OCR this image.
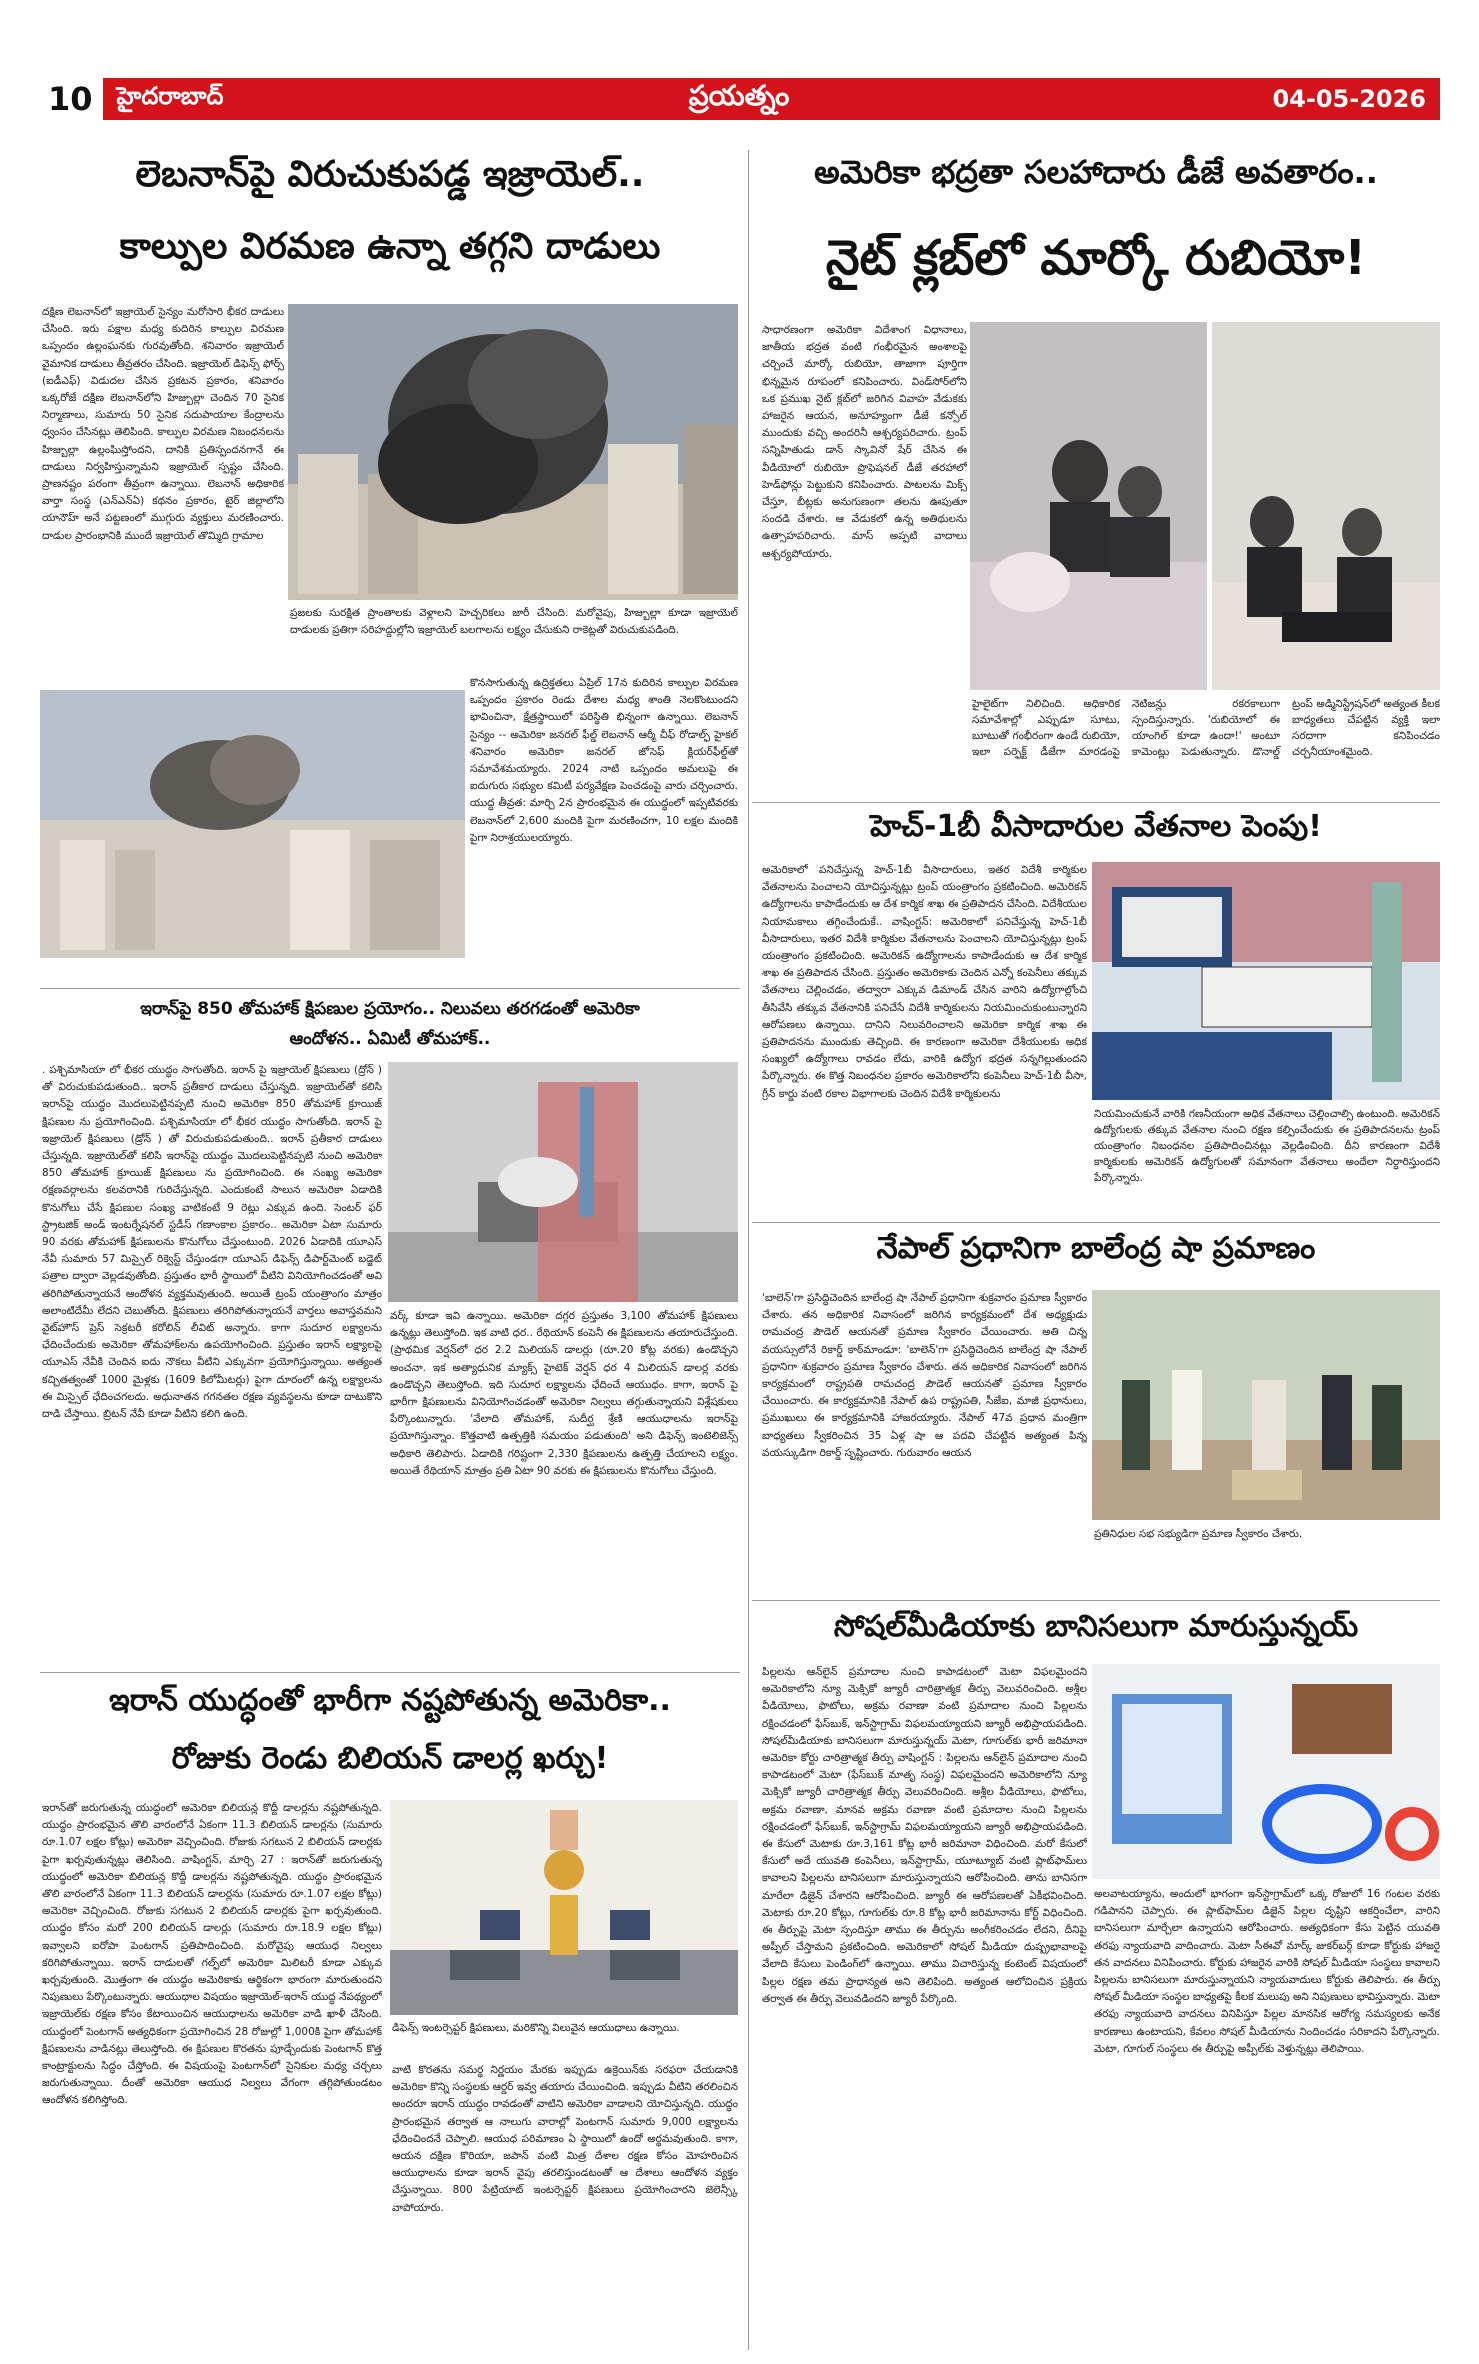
10	హైదరాబాద్	ప్రయత్నం	04-05-2026
లెబనాన్‌పై విరుచుకుపడ్డ ఇజ్రాయెల్..
కాల్పుల విరమణ ఉన్నా తగ్గని దాడులు
దక్షిణ లెబనాన్‌లో ఇజ్రాయెల్ సైన్యం మరోసారి భీకర దాడులు చేసింది. ఇరు పక్షాల మధ్య కుదిరిన కాల్పుల విరమణ ఒప్పందం ఉల్లంఘనకు గురవుతోంది. శనివారం ఇజ్రాయెల్ వైమానిక దాడులు తీవ్రతరం చేసింది. ఇజ్రాయెల్ డిఫెన్స్ ఫోర్స్ (ఐడీఎఫ్) విడుదల చేసిన ప్రకటన ప్రకారం, శనివారం ఒక్కరోజే దక్షిణ లెబనాన్‌లోని హిజ్బుల్లా చెందిన 70 సైనిక నిర్మాణాలు, సుమారు 50 సైనిక సదుపాయాల కేంద్రాలను ధ్వంసం చేసినట్లు తెలిపింది. కాల్పుల విరమణ నిబంధనలను హిజ్బుల్లా ఉల్లంఘిస్తోందని, దానికి ప్రతిస్పందనగానే ఈ దాడులు నిర్వహిస్తున్నామని ఇజ్రాయెల్ స్పష్టం చేసింది. ప్రాణనష్టం పరంగా తీవ్రంగా ఉన్నాయి. లెబనాన్ అధికారిక వార్తా సంస్థ (ఎన్‌ఎన్‌ఏ) కథనం ప్రకారం, టైర్ జిల్లాలోని యానౌహ్ అనే పట్టణంలో ముగ్గురు వ్యక్తులు మరణించారు. దాడుల ప్రారంభానికి ముందే ఇజ్రాయెల్ తొమ్మిది గ్రామాల
ప్రజలకు సురక్షిత ప్రాంతాలకు వెళ్లాలని హెచ్చరికలు జారీ చేసింది. మరోవైపు, హిజ్బుల్లా కూడా ఇజ్రాయెల్ దాడులకు ప్రతిగా సరిహద్దుల్లోని ఇజ్రాయెల్ బలగాలను లక్ష్యం చేసుకుని రాకెట్లతో విరుచుకుపడింది.
కొనసాగుతున్న ఉద్రిక్తతలు ఏప్రిల్ 17న కుదిరిన కాల్పుల విరమణ ఒప్పందం ప్రకారం రెండు దేశాల మధ్య శాంతి నెలకొంటుందని భావించినా, క్షేత్రస్థాయిలో పరిస్థితి భిన్నంగా ఉన్నాయి. లెబనాన్ సైన్యం -- అమెరికా జనరల్ ఫీల్డ్ లెబనాన్ ఆర్మీ చీఫ్ రోడాల్ఫ్ హైకల్ శనివారం అమెరికా జనరల్ జోసెఫ్ క్లియర్‌ఫీల్డ్‌తో సమావేశమయ్యారు. 2024 నాటి ఒప్పందం అమలుపై ఈ ఐదుగురు సభ్యుల కమిటీ పర్యవేక్షణ పెంచడంపై వారు చర్చించారు. యుద్ధ తీవ్రత: మార్చి 2న ప్రారంభమైన ఈ యుద్ధంలో ఇప్పటివరకు లెబనాన్‌లో 2,600 మందికి పైగా మరణించగా, 10 లక్షల మందికి పైగా నిరాశ్రయులయ్యారు.
ఇరాన్‌పై 850 తోమహాక్ క్షిపణుల ప్రయోగం.. నిలువలు తరగడంతో అమెరికా
ఆందోళన.. ఏమిటీ తోమహాక్..
. పశ్చిమాసియా లో భీకర యుద్ధం సాగుతోంది. ఇరాన్ పై ఇజ్రాయెల్ క్షిపణులు (ద్రోన్ ) తో విరుచుకుపడుతుంది.. ఇరాన్ ప్రతీకార దాడులు చేస్తున్నది. ఇజ్రాయెల్‌తో కలిసి ఇరాన్‌పై యుద్ధం మొదలుపెట్టినప్పటి నుంచి అమెరికా 850 తోమహాక్ క్రూయిజ్ క్షిపణుల ను ప్రయోగించింది. పశ్చిమాసియా లో భీకర యుద్ధం సాగుతోంది. ఇరాన్ పై ఇజ్రాయెల్ క్షిపణులు (డ్రోన్ ) తో విరుచుకుపడుతుంది.. ఇరాన్ ప్రతీకార దాడులు చేస్తున్నది. ఇజ్రాయెల్‌తో కలిసి ఇరాన్‌పై యుద్ధం మొదలుపెట్టినప్పటి నుంచి అమెరికా 850 తోమహాక్ క్రూయిజ్ క్షిపణులు ను ప్రయోగించింది. ఈ సంఖ్య అమెరికా రక్షణవర్గాలను కలవరానికి గురిచేస్తున్నది. ఎందుకంటే సాలున అమెరికా ఏడాదికి కొనుగోలు చేసే క్షిపణుల సంఖ్య వాటికంటే 9 రెట్లు ఎక్కువ ఉంది. సెంటర్ ఫర్ స్ట్రాటజిక్ అండ్ ఇంటర్నేషనల్ స్టడీస్ గణాంకాల ప్రకారం.. అమెరికా ఏటా సుమారు 90 వరకు తోమహాక్ క్షిపణులను కొనుగోలు చేస్తుంటుంది. 2026 ఏడాదికి యూఎస్ నేవీ సుమారు 57 మిస్సైల్ రిక్వెస్ట్ చేస్తుండగా యూఎస్ డిఫెన్స్ డిపార్ట్‌మెంట్ బడ్జెట్ పత్రాల ద్వారా వెల్లడవుతోంది. ప్రస్తుతం భారీ స్థాయిలో వీటిని వినియోగించడంతో అవి తరిగిపోతున్నాయనే ఆందోళన వ్యక్తమవుతుంది. అయితే ట్రంప్ యంత్రాంగం మాత్రం అలాంటిదేమీ లేదని చెబుతోంది. క్షిపణులు తరిగిపోతున్నాయనే వార్తలు అవాస్తవమని వైట్‌హౌస్ ప్రెస్ సెక్రటరీ కరోలిన్ లీవిట్ అన్నారు. కాగా సుదూర లక్ష్యాలను ఛేదించేందుకు అమెరికా తోమహాక్‌లను ఉపయోగించింది. ప్రస్తుతం ఇరాన్ లక్ష్యాలపై యూఎస్ నేవీకి చెందిన ఐదు నౌకలు వీటిని ఎక్కువగా ప్రయోగిస్తున్నాయి. అత్యంత కచ్చితత్వంతో 1000 మైళ్లకు (1609 కిలోమీటర్లు) పైగా దూరంలో ఉన్న లక్ష్యాలను ఈ మిస్సైల్ ఛేదించగలదు. అధునాతన గగనతల రక్షణ వ్యవస్థలను కూడా దాటుకొని దాడి చేస్తాయి. బ్రిటన్ నేవీ కూడా వీటిని కలిగి ఉంది.
వర్క్ కూడా ఇవి ఉన్నాయి. అమెరికా దగ్గర ప్రస్తుతం 3,100 తోమహాక్ క్షిపణులు ఉన్నట్లు తెలుస్తోంది. ఇక వాటి ధర.. రేథియాన్ కంపెనీ ఈ క్షిపణులను తయారుచేస్తుంది. (ప్రాథమిక వెర్షన్‌లో ధర 2.2 మిలియన్ డాలర్లు (రూ.20 కోట్ల వరకు) ఉండొచ్చని అంచనా. ఇక అత్యాధునిక మ్యాక్స్ హైటెక్ వెర్షన్ ధర 4 మిలియన్ డాలర్ల వరకు ఉండొచ్చని తెలుస్తోంది. ఇది సుదూర లక్ష్యాలను ఛేదించే ఆయుధం. కాగా, ఇరాన్ పై భారీగా క్షిపణులను వినియోగించడంతో అమెరికా నిల్వలు తగ్గుతున్నాయని విశ్లేషకులు పేర్కొంటున్నారు. 'వేలాది తోమహాక్, సుదీర్ఘ శ్రేణి ఆయుధాలను ఇరాన్‌పై ప్రయోగిస్తున్నాం. కొత్తవాటి ఉత్పత్తికి సమయం పడుతుంది' అని డిఫెన్స్ ఇంటెలిజెన్స్ అధికారి తెలిపారు. ఏడాదికి గరిష్టంగా 2,330 క్షిపణులను ఉత్పత్తి చేయాలని లక్ష్యం. అయితే రేథియాన్ మాత్రం ప్రతి ఏటా 90 వరకు ఈ క్షిపణులను కొనుగోలు చేస్తుంది.
ఇరాన్ యుద్ధంతో భారీగా నష్టపోతున్న అమెరికా..
రోజుకు రెండు బిలియన్ డాలర్ల ఖర్చు!
ఇరాన్‌తో జరుగుతున్న యుద్ధంలో అమెరికా బిలియన్ల కొద్దీ డాలర్లను నష్టపోతున్నది. యుద్ధం ప్రారంభమైన తొలి వారంలోనే ఏకంగా 11.3 బిలియన్ డాలర్లను (సుమారు రూ.1.07 లక్షల కోట్లు) అమెరికా వెచ్చించింది. రోజుకు సగటున 2 బిలియన్ డాలర్లకు పైగా ఖర్చవుతున్నట్లు తెలిసింది. వాషింగ్టన్, మార్చి 27 : ఇరాన్‌తో జరుగుతున్న యుద్ధంలో అమెరికా బిలియన్ల కొద్దీ డాలర్లను నష్టపోతున్నది. యుద్ధం ప్రారంభమైన తొలి వారంలోనే ఏకంగా 11.3 బిలియన్ డాలర్లను (సుమారు రూ.1.07 లక్షల కోట్లు) అమెరికా వెచ్చించింది. రోజుకు సగటున 2 బిలియన్ డాలర్లకు పైగా ఖర్చవుతుంది. యుద్ధం కోసం మరో 200 బిలియన్ డాలర్లు (సుమారు రూ.18.9 లక్షల కోట్లు) ఇవ్వాలని ఐరోపా పెంటగాన్ ప్రతిపాదించింది. మరోవైపు ఆయుధ నిల్వలు కరిగిపోతున్నాయి. ఇరాన్ దాడులతో గల్ఫ్‌లో అమెరికా మిలిటరీ కూడా ఎక్కువ ఖర్చవుతుంది. మొత్తంగా ఈ యుద్ధం అమెరికాకు ఆర్థికంగా భారంగా మారుతుందని నిపుణులు పేర్కొంటున్నారు. ఆయుధాల విషయం ఇజ్రాయెల్-ఇరాన్ యుద్ధ నేపథ్యంలో ఇజ్రాయెల్‌కు రక్షణ కోసం కేటాయించిన ఆయుధాలను అమెరికా వాడి ఖాళీ చేసింది. యుద్ధంలో పెంటగాన్ అత్యధికంగా ప్రయోగించిన 28 రోజుల్లో 1,000కి పైగా తోమహాక్ క్షిపణులను వాడినట్లు తెలుస్తోంది. ఈ క్షిపణుల కొరతను పూడ్చేందుకు పెంటగాన్ కొత్త కాంట్రాక్టులను సిద్ధం చేస్తోంది. ఈ విషయంపై పెంటగాన్‌లో సైనికుల మధ్య చర్చలు జరుగుతున్నాయి. దీంతో అమెరికా ఆయుధ నిల్వలు వేగంగా తగ్గిపోతుండటం ఆందోళన కలిగిస్తోంది.
డిఫెన్స్ ఇంటర్సెప్టర్ క్షిపణులు, మరికొన్ని విలువైన ఆయుధాలు ఉన్నాయి.
వాటి కొరతను సమర్థ నిర్ణయం మేరకు ఇప్పుడు ఉక్రెయిన్‌కు సరఫరా చేయడానికి అమెరికా కొన్ని సంస్థలకు ఆర్డర్ ఇవ్వ తయారు చేయించింది. ఇప్పుడు వీటిని తరలించిన అందరూ ఇరాన్ యుద్ధం రావడంతో వాటిని అమెరికా వాడాలని యోచిస్తున్నది. యుద్ధం ప్రారంభమైన తర్వాత ఆ నాలుగు వారాల్లో పెంటగాన్ సుమారు 9,000 లక్ష్యాలను ఛేదించిందనే చెప్పాలి. ఆయుధ పరిమాణం ఏ స్థాయిలో ఉందో అర్థమవుతుంది. కాగా, ఆయన దక్షిణ కొరియా, జపాన్ వంటి మిత్ర దేశాల రక్షణ కోసం మోహరించిన ఆయుధాలను కూడా ఇరాన్ వైపు తరలిస్తుండటంతో ఆ దేశాలు ఆందోళన వ్యక్తం చేస్తున్నాయి. 800 పేట్రియాట్ ఇంటర్సెప్టర్ క్షిపణులు ప్రయోగించారని జెలెన్స్కీ వాపోయారు.
అమెరికా భద్రతా సలహాదారు డీజే అవతారం..
నైట్ క్లబ్‌లో మార్కో రుబియో!
సాధారణంగా అమెరికా విదేశాంగ విధానాలు, జాతీయ భద్రత వంటి గంభీరమైన అంశాలపై చర్చించే మార్కో రుబియో, తాజాగా పూర్తిగా భిన్నమైన రూపంలో కనిపించారు. విండ్‌సోర్‌లోని ఒక ప్రముఖ నైట్ క్లబ్‌లో జరిగిన వివాహ వేడుకకు హాజరైన ఆయన, అనూహ్యంగా డీజే కన్సోల్ ముందుకు వచ్చి అందరినీ ఆశ్చర్యపరిచారు. ట్రంప్ సన్నిహితుడు డాన్ స్కావినో షేర్ చేసిన ఈ వీడియోలో రుబియో ప్రొఫెషనల్ డీజే తరహాలో హెడ్‌ఫోన్లు పెట్టుకుని కనిపించారు. పాటలను మిక్స్ చేస్తూ, బీట్లకు అనుగుణంగా తలను ఊపుతూ సందడి చేశారు. ఆ వేడుకలో ఉన్న అతిథులను ఉత్సాహపరిచారు. మాస్ అప్పటి వాదాలు ఆశ్చర్యపోయారు.
హైలైట్‌గా నిలిచింది. అధికారిక సమావేశాల్లో ఎప్పుడూ సూటు, బూటుతో గంభీరంగా ఉండే రుబియో, ఇలా పర్ఫెక్ట్ డీజేగా మారడంపై నెటిజన్లు రకరకాలుగా స్పందిస్తున్నారు. 'రుబియోలో ఈ యాంగిల్ కూడా ఉందా!' అంటూ కామెంట్లు పెడుతున్నారు. డొనాల్డ్ ట్రంప్ అడ్మినిస్ట్రేషన్‌లో అత్యంత కీలక బాధ్యతలు చేపట్టిన వ్యక్తి ఇలా సరదాగా కనిపించడం చర్చనీయాంశమైంది.
హెచ్-1బీ వీసాదారుల వేతనాల పెంపు!
అమెరికాలో పనిచేస్తున్న హెచ్-1బీ వీసాదారులు, ఇతర విదేశీ కార్మికుల వేతనాలను పెంచాలని యోచిస్తున్నట్లు ట్రంప్ యంత్రాంగం ప్రకటించింది. అమెరికన్ ఉద్యోగాలను కాపాడేందుకు ఆ దేశ కార్మిక శాఖ ఈ ప్రతిపాదన చేసింది. విదేశీయుల నియామకాలు తగ్గించేందుకే.. వాషింగ్టన్: అమెరికాలో పనిచేస్తున్న హెచ్-1బీ వీసాదారులు, ఇతర విదేశీ కార్మికుల వేతనాలను పెంచాలని యోచిస్తున్నట్లు ట్రంప్ యంత్రాంగం ప్రకటించింది. అమెరికన్ ఉద్యోగాలను కాపాడేందుకు ఆ దేశ కార్మిక శాఖ ఈ ప్రతిపాదన చేసింది. ప్రస్తుతం అమెరికాకు చెందిన ఎన్నో కంపెనీలు తక్కువ వేతనాలు చెల్లించడం, తద్వారా ఎక్కువ డిమాండ్ చేసిన వారిని ఉద్యోగాల్లోంచి తీసివేసి తక్కువ వేతనానికి పనిచేసే విదేశీ కార్మికులను నియమించుకుంటున్నారని ఆరోపణలు ఉన్నాయి. దానిని నిలువరించాలని అమెరికా కార్మిక శాఖ ఈ ప్రతిపాదనను ముందుకు తెచ్చింది. ఈ కారణంగా అమెరికా దేశీయులకు అధిక సంఖ్యలో ఉద్యోగాలు రావడం లేదు, వారికి ఉద్యోగ భద్రత సన్నగిల్లుతుందని పేర్కొన్నారు. ఈ కొత్త నిబంధనల ప్రకారం అమెరికాలోని కంపెనీలు హెచ్-1బీ వీసా, గ్రీన్ కార్డు వంటి రకాల విభాగాలకు చెందిన విదేశీ కార్మికులను
నియమించుకునే వారికి గణనీయంగా అధిక వేతనాలు చెల్లించాల్సి ఉంటుంది. అమెరికన్ ఉద్యోగులకు తక్కువ వేతనాల నుంచి రక్షణ కల్పించేందుకు ఈ ప్రతిపాదనలను ట్రంప్ యంత్రాంగం నిబంధనల ప్రతిపాదించినట్లు వెల్లడించింది. దీని కారణంగా విదేశీ కార్మికులకు అమెరికన్ ఉద్యోగులతో సమానంగా వేతనాలు అందేలా నిర్ధారిస్తుందని పేర్కొన్నారు.
నేపాల్ ప్రధానిగా బాలేంద్ర షా ప్రమాణం
'బాలెన్‌'గా ప్రసిద్ధిచెందిన బాలేంద్ర షా నేపాల్ ప్రధానిగా శుక్రవారం ప్రమాణ స్వీకారం చేశారు. తన అధికారిక నివాసంలో జరిగిన కార్యక్రమంలో దేశ అధ్యక్షుడు రామచంద్ర పౌడెల్ ఆయనతో ప్రమాణ స్వీకారం చేయించారు. అతి చిన్న వయస్సులోనే రికార్డ్ కాఠ్‌మాండూ: 'బాలెన్‌'గా ప్రసిద్ధిచెందిన బాలేంద్ర షా నేపాల్ ప్రధానిగా శుక్రవారం ప్రమాణ స్వీకారం చేశారు. తన అధికారిక నివాసంలో జరిగిన కార్యక్రమంలో రాష్ట్రపతి రామచంద్ర పౌడెల్ ఆయనతో ప్రమాణ స్వీకారం చేయించారు. ఈ కార్యక్రమానికి నేపాల్ ఉప రాష్ట్రపతి, సీజేఐ, మాజీ ప్రధానులు, ప్రముఖులు ఈ కార్యక్రమానికి హాజరయ్యారు. నేపాల్ 47వ ప్రధాన మంత్రిగా బాధ్యతలు స్వీకరించిన 35 ఏళ్ల షా ఆ పదవి చేపట్టిన అత్యంత పిన్న వయస్కుడిగా రికార్డ్ సృష్టించారు. గురువారం ఆయన
ప్రతినిధుల సభ సభ్యుడిగా ప్రమాణ స్వీకారం చేశారు.
సోషల్‌మీడియాకు బానిసలుగా మారుస్తున్నయ్
పిల్లలను ఆన్‌లైన్ ప్రమాదాల నుంచి కాపాడటంలో మెటా విఫలమైందని అమెరికాలోని న్యూ మెక్సికో జ్యూరీ చారిత్రాత్మక తీర్పు వెలువరించింది. అశ్లీల వీడియోలు, ఫొటోలు, అక్రమ రవాణా వంటి ప్రమాదాల నుంచి పిల్లలను రక్షించడంలో ఫేస్‌బుక్, ఇన్‌స్టాగ్రామ్ విఫలమయ్యాయని జ్యూరీ అభిప్రాయపడింది. సోషల్‌మీడియాకు బానిసలుగా మారుస్తున్నయ్ మెటా, గూగుల్‌కు భారీ జరిమానా అమెరికా కోర్టు చారిత్రాత్మక తీర్పు వాషింగ్టన్ : పిల్లలను ఆన్‌లైన్ ప్రమాదాల నుంచి కాపాడటంలో మెటా (ఫేస్‌బుక్ మాతృ సంస్థ) విఫలమైందని అమెరికాలోని న్యూ మెక్సికో జ్యూరీ చారిత్రాత్మక తీర్పు వెలువరించింది. అశ్లీల వీడియోలు, ఫొటోలు, అక్రమ రవాణా, మానవ అక్రమ రవాణా వంటి ప్రమాదాల నుంచి పిల్లలను రక్షించడంలో ఫేస్‌బుక్, ఇన్‌స్టాగ్రామ్ విఫలమయ్యాయని జ్యూరీ అభిప్రాయపడింది. ఈ కేసులో మెటాకు రూ.3,161 కోట్ల భారీ జరిమానా విధించింది. మరో కేసులో కేసులో అదే యువతి కంపెనీలు, ఇన్‌స్టాగ్రామ్, యూట్యూబ్ వంటి ప్లాట్‌ఫామ్‌లు కావాలని పిల్లలను బానిసలుగా మారుస్తున్నాయని ఆరోపించింది. తాను బానిసగా మారేలా డిజైన్ చేశారని ఆరోపించింది. జ్యూరీ ఈ ఆరోపణలతో ఏకీభవించింది. మెటాకు రూ.20 కోట్లు, గూగుల్‌కు రూ.8 కోట్ల భారీ జరిమానాను కోర్ట్ విధించింది. ఈ తీర్పుపై మెటా స్పందిస్తూ తాము ఈ తీర్పును అంగీకరించడం లేదని, దీనిపై అప్పీల్ చేస్తామని ప్రకటించింది. అమెరికాలో సోషల్ మీడియా దుష్ప్రభావాలపై వేలాది కేసులు పెండింగ్‌లో ఉన్నాయి. తాము విచారిస్తున్న కంటెంట్ విషయంలో పిల్లల రక్షణ తమ ప్రాధాన్యత అని తెలిపింది. అత్యంత ఆలోచించిన ప్రక్రియ తర్వాత ఈ తీర్పు వెలువడిందని జ్యూరీ పేర్కొంది.
అలవాటయ్యాను, అందులో భాగంగా ఇన్‌స్టాగ్రామ్‌లో ఒక్క రోజులో 16 గంటల వరకు గడిపానని చెప్పారు. ఈ ప్లాట్‌ఫామ్‌ల డిజైన్ పిల్లల దృష్టిని ఆకర్షించేలా, వారిని బానిసలుగా మార్చేలా ఉన్నాయని ఆరోపించారు. అత్యధికంగా కేసు పెట్టిన యువతి తరఫు న్యాయవాది వాదించారు. మెటా సీఈవో మార్క్ జుకర్‌బర్గ్ కూడా కోర్టుకు హాజరై తన వాదనలు వినిపించారు. కోర్టుకు హాజరైన వారికి సోషల్ మీడియా సంస్థలు కావాలని పిల్లలను బానిసలుగా మారుస్తున్నాయని న్యాయవాదులు కోర్టుకు తెలిపారు. ఈ తీర్పు సోషల్ మీడియా సంస్థల బాధ్యతపై కీలక మలుపు అని నిపుణులు భావిస్తున్నారు. మెటా తరఫు న్యాయవాది వాదనలు వినిపిస్తూ పిల్లల మానసిక ఆరోగ్య సమస్యలకు అనేక కారణాలు ఉంటాయని, కేవలం సోషల్ మీడియాను నిందించడం సరికాదని పేర్కొన్నారు. మెటా, గూగుల్ సంస్థలు ఈ తీర్పుపై అప్పీల్‌కు వెళ్తున్నట్లు తెలిపాయి.
